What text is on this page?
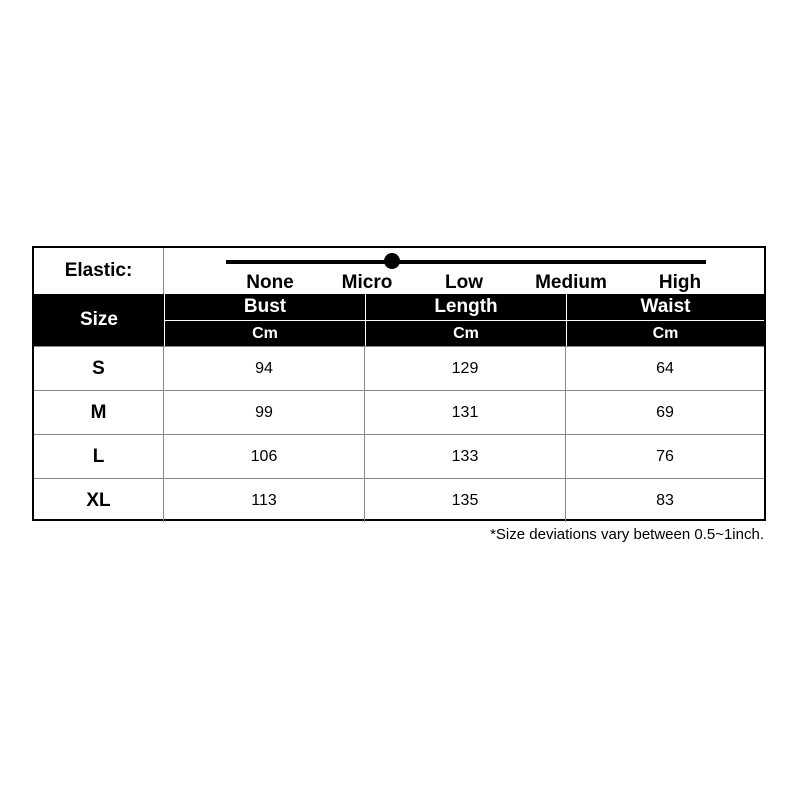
Elastic:
None	Micro	Low	Medium	High
Size
Bust	Length	Waist
Cm	Cm	Cm
S	94	129	64
M	99	131	69
L	106	133	76
XL	113	135	83
*Size deviations vary between 0.5~1inch.
